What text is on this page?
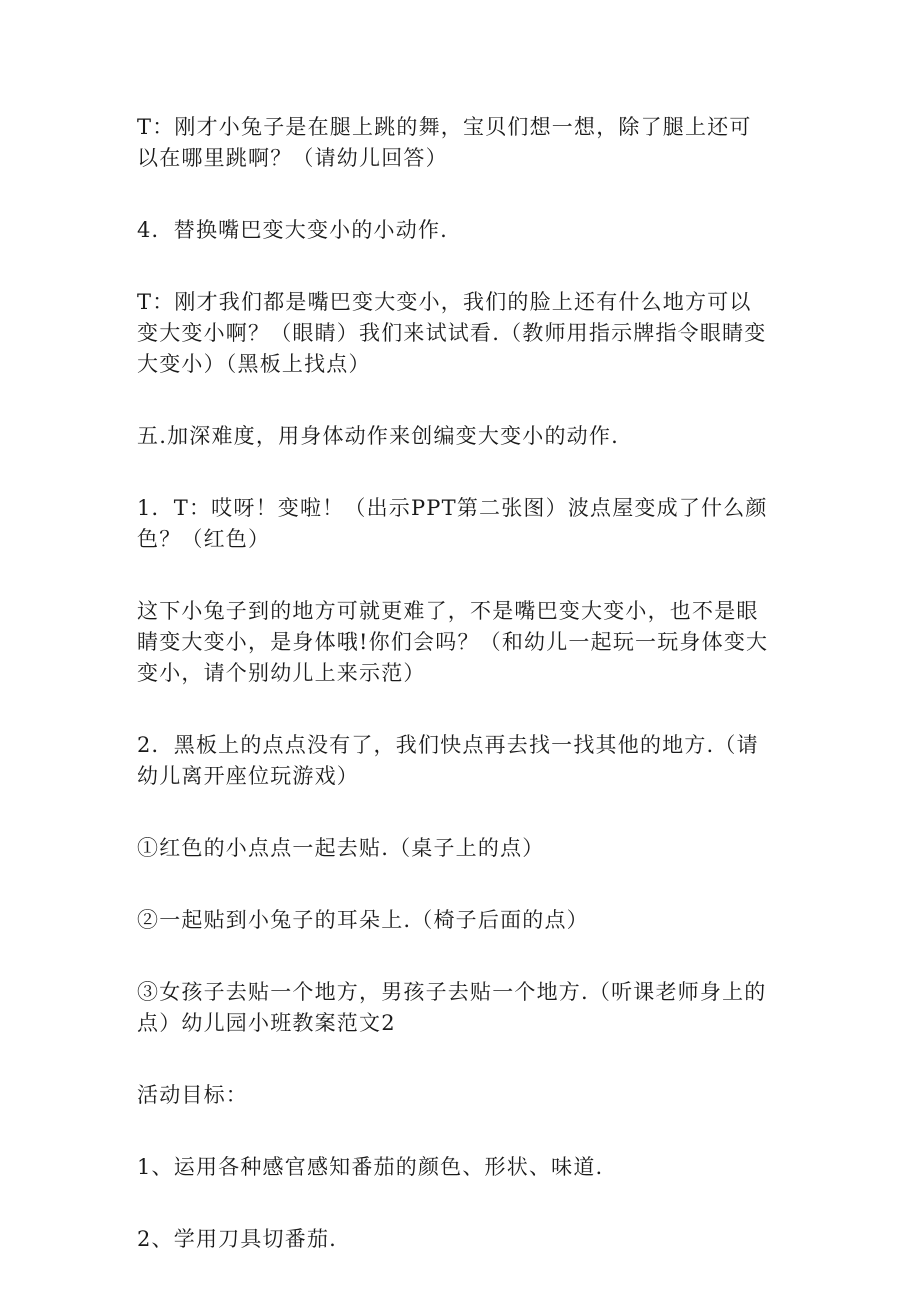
T：刚才小兔子是在腿上跳的舞，宝贝们想一想，除了腿上还可以在哪里跳啊？（请幼儿回答）

4．替换嘴巴变大变小的小动作.

T：刚才我们都是嘴巴变大变小，我们的脸上还有什么地方可以变大变小啊？（眼睛）我们来试试看.（教师用指示牌指令眼睛变大变小）（黑板上找点）

五.加深难度，用身体动作来创编变大变小的动作.

1．T：哎呀！变啦！（出示PPT第二张图）波点屋变成了什么颜色？（红色）

这下小兔子到的地方可就更难了，不是嘴巴变大变小，也不是眼睛变大变小，是身体哦!你们会吗？（和幼儿一起玩一玩身体变大变小，请个别幼儿上来示范）

2．黑板上的点点没有了，我们快点再去找一找其他的地方.（请幼儿离开座位玩游戏）

①红色的小点点一起去贴.（桌子上的点）

②一起贴到小兔子的耳朵上.（椅子后面的点）

③女孩子去贴一个地方，男孩子去贴一个地方.（听课老师身上的点）幼儿园小班教案范文2

活动目标：

1、运用各种感官感知番茄的颜色、形状、味道.

2、学用刀具切番茄.
